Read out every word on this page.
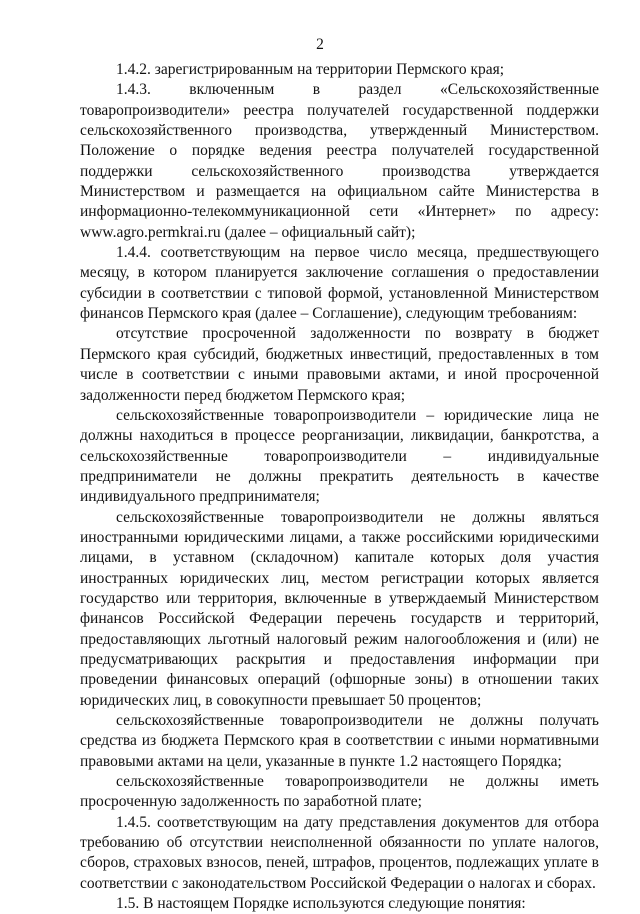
2

1.4.2. зарегистрированным на территории Пермского края;

1.4.3. включенным в раздел «Сельскохозяйственные товаропроизводители» реестра получателей государственной поддержки сельскохозяйственного производства, утвержденный Министерством. Положение о порядке ведения реестра получателей государственной поддержки сельскохозяйственного производства утверждается Министерством и размещается на официальном сайте Министерства в информационно-телекоммуникационной сети «Интернет» по адресу: www.agro.permkrai.ru (далее – официальный сайт);

1.4.4. соответствующим на первое число месяца, предшествующего месяцу, в котором планируется заключение соглашения о предоставлении субсидии в соответствии с типовой формой, установленной Министерством финансов Пермского края (далее – Соглашение), следующим требованиям:

отсутствие просроченной задолженности по возврату в бюджет Пермского края субсидий, бюджетных инвестиций, предоставленных в том числе в соответствии с иными правовыми актами, и иной просроченной задолженности перед бюджетом Пермского края;

сельскохозяйственные товаропроизводители – юридические лица не должны находиться в процессе реорганизации, ликвидации, банкротства, а сельскохозяйственные товаропроизводители – индивидуальные предприниматели не должны прекратить деятельность в качестве индивидуального предпринимателя;

сельскохозяйственные товаропроизводители не должны являться иностранными юридическими лицами, а также российскими юридическими лицами, в уставном (складочном) капитале которых доля участия иностранных юридических лиц, местом регистрации которых является государство или территория, включенные в утверждаемый Министерством финансов Российской Федерации перечень государств и территорий, предоставляющих льготный налоговый режим налогообложения и (или) не предусматривающих раскрытия и предоставления информации при проведении финансовых операций (офшорные зоны) в отношении таких юридических лиц, в совокупности превышает 50 процентов;

сельскохозяйственные товаропроизводители не должны получать средства из бюджета Пермского края в соответствии с иными нормативными правовыми актами на цели, указанные в пункте 1.2 настоящего Порядка;

сельскохозяйственные товаропроизводители не должны иметь просроченную задолженность по заработной плате;

1.4.5. соответствующим на дату представления документов для отбора требованию об отсутствии неисполненной обязанности по уплате налогов, сборов, страховых взносов, пеней, штрафов, процентов, подлежащих уплате в соответствии с законодательством Российской Федерации о налогах и сборах.

1.5. В настоящем Порядке используются следующие понятия:
